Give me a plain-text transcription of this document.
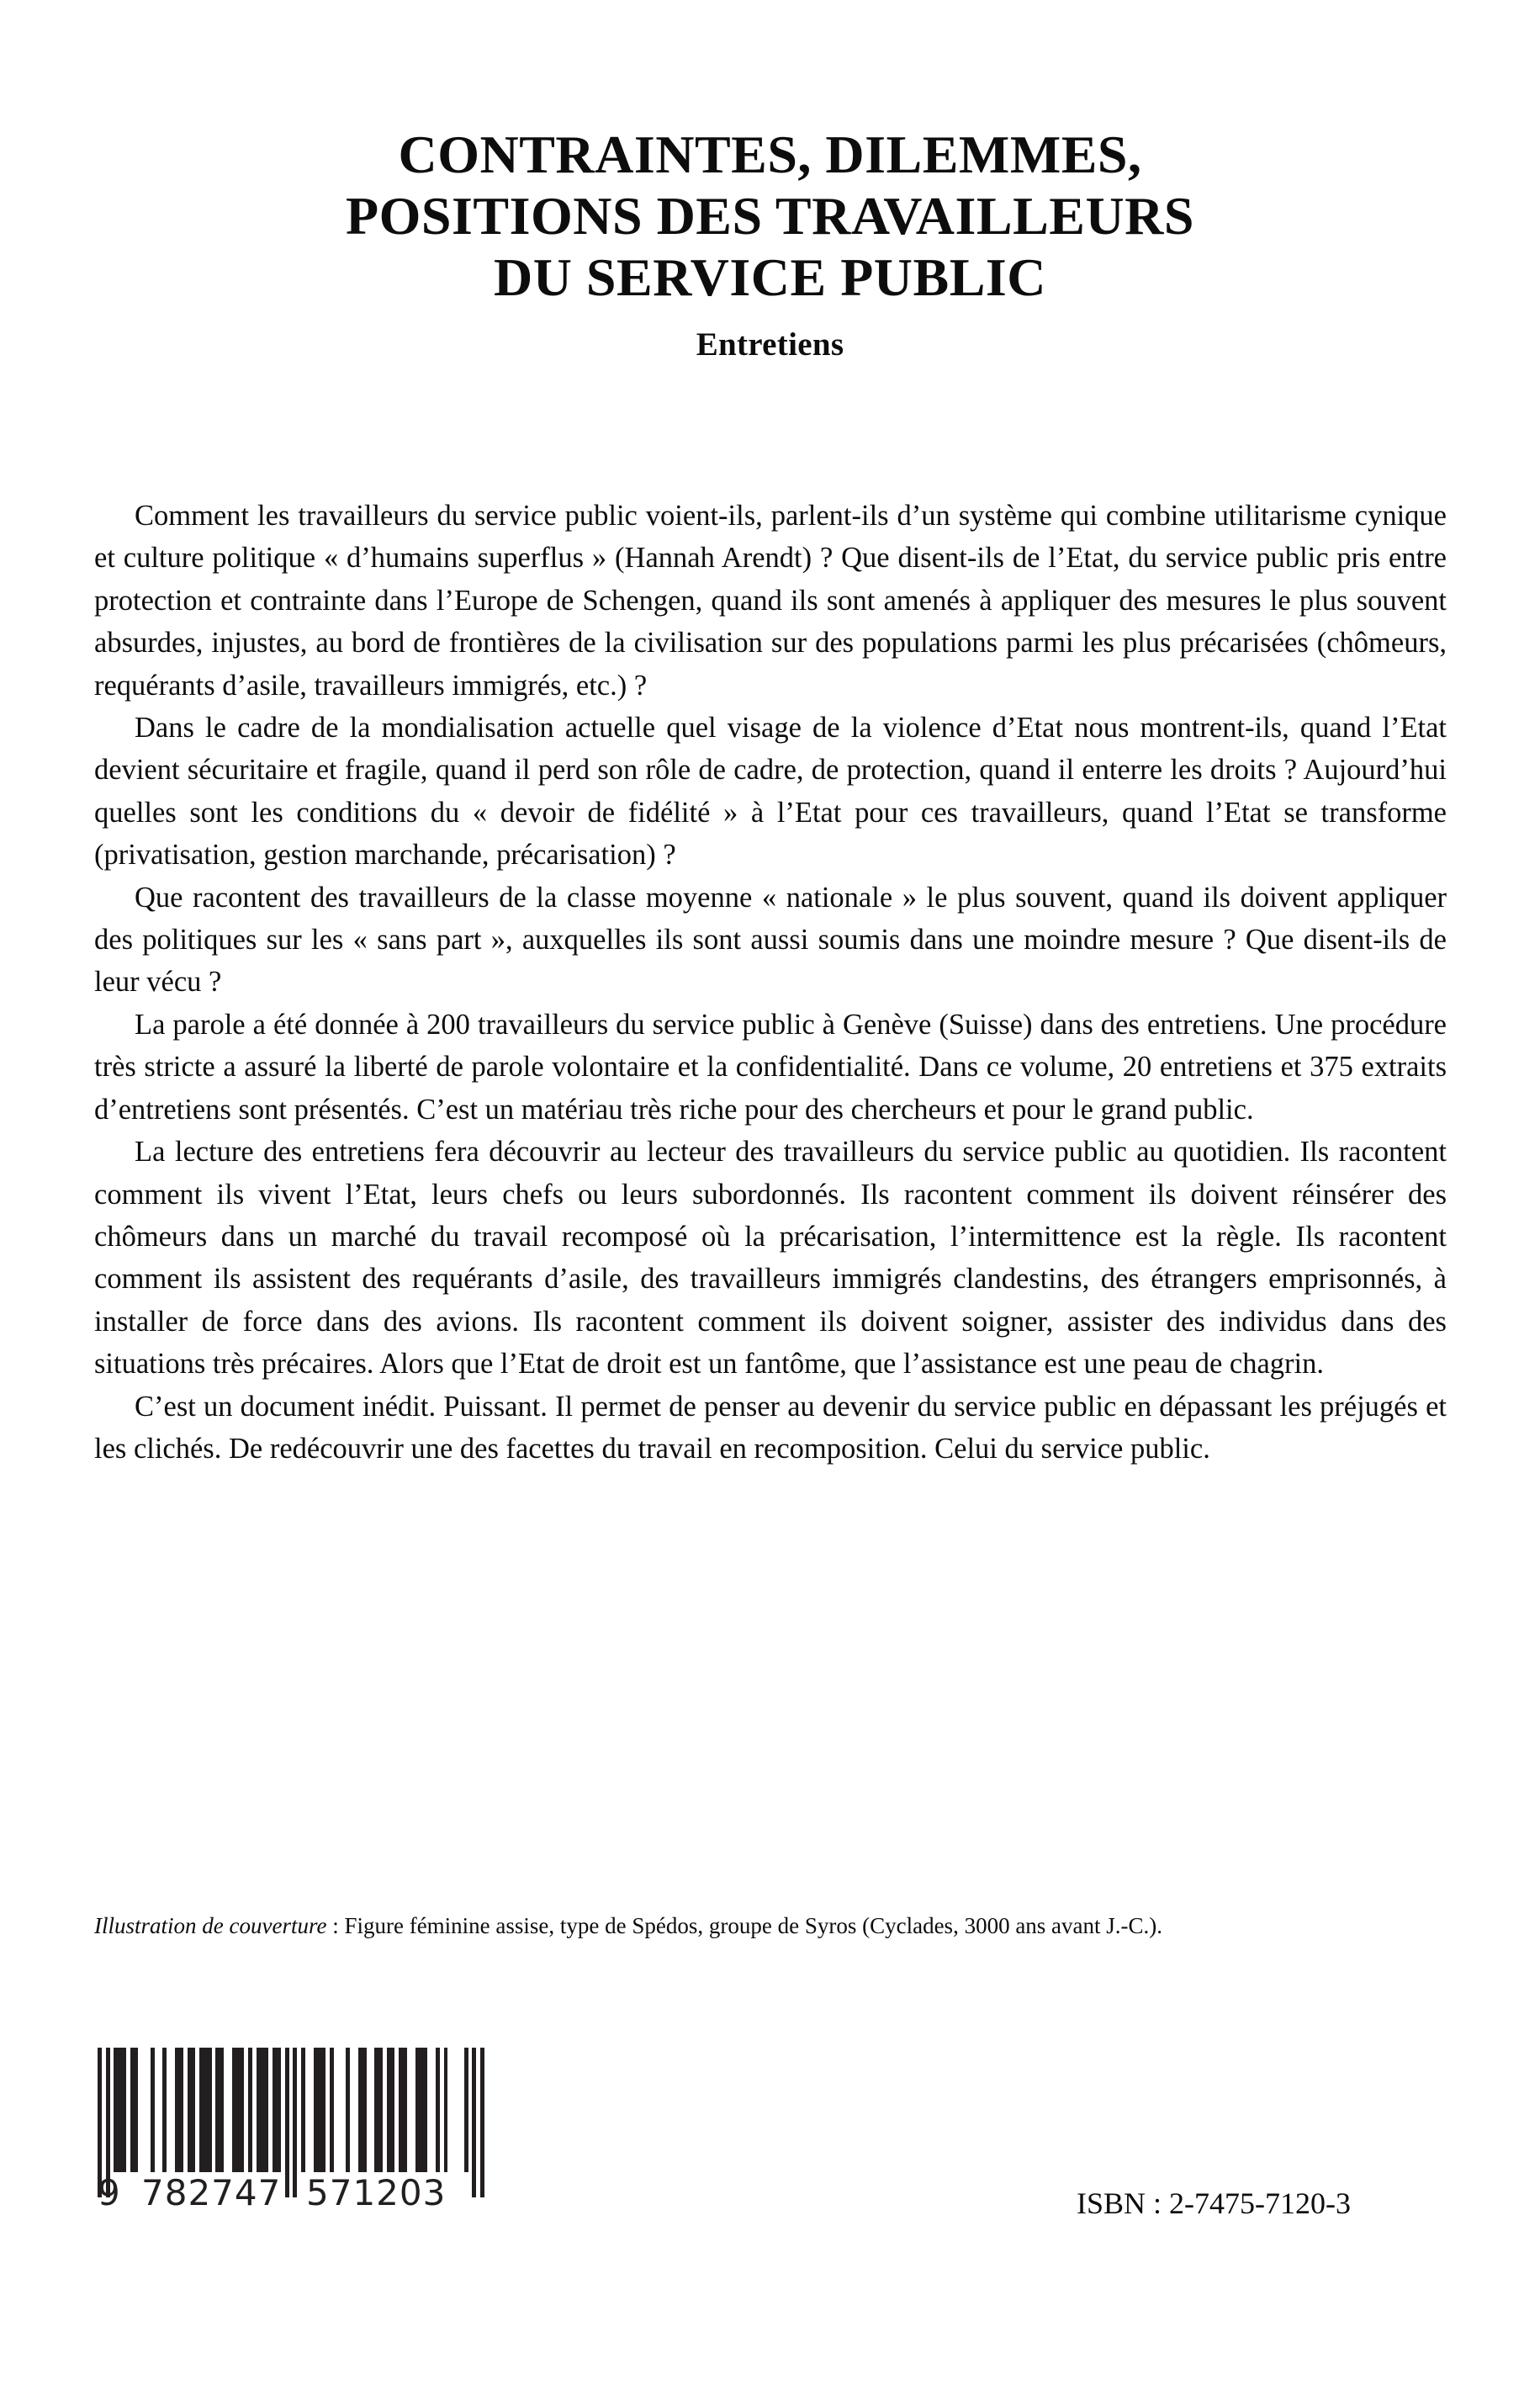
CONTRAINTES, DILEMMES,
POSITIONS DES TRAVAILLEURS
DU SERVICE PUBLIC
Entretiens

Comment les travailleurs du service public voient-ils, parlent-ils d’un système qui combine utilitarisme cynique et culture politique « d’humains superflus » (Hannah Arendt) ? Que disent-ils de l’Etat, du service public pris entre protection et contrainte dans l’Europe de Schengen, quand ils sont amenés à appliquer des mesures le plus souvent absurdes, injustes, au bord de frontières de la civilisation sur des populations parmi les plus précarisées (chômeurs, requérants d’asile, travailleurs immigrés, etc.) ?

Dans le cadre de la mondialisation actuelle quel visage de la violence d’Etat nous montrent-ils, quand l’Etat devient sécuritaire et fragile, quand il perd son rôle de cadre, de protection, quand il enterre les droits ? Aujourd’hui quelles sont les conditions du « devoir de fidélité » à l’Etat pour ces travailleurs, quand l’Etat se transforme (privatisation, gestion marchande, précarisation) ?

Que racontent des travailleurs de la classe moyenne « nationale » le plus souvent, quand ils doivent appliquer des politiques sur les « sans part », auxquelles ils sont aussi soumis dans une moindre mesure ? Que disent-ils de leur vécu ?

La parole a été donnée à 200 travailleurs du service public à Genève (Suisse) dans des entretiens. Une procédure très stricte a assuré la liberté de parole volontaire et la confidentialité. Dans ce volume, 20 entretiens et 375 extraits d’entretiens sont présentés. C’est un matériau très riche pour des chercheurs et pour le grand public.

La lecture des entretiens fera découvrir au lecteur des travailleurs du service public au quotidien. Ils racontent comment ils vivent l’Etat, leurs chefs ou leurs subordonnés. Ils racontent comment ils doivent réinsérer des chômeurs dans un marché du travail recomposé où la précarisation, l’intermittence est la règle. Ils racontent comment ils assistent des requérants d’asile, des travailleurs immigrés clandestins, des étrangers emprisonnés, à installer de force dans des avions. Ils racontent comment ils doivent soigner, assister des individus dans des situations très précaires. Alors que l’Etat de droit est un fantôme, que l’assistance est une peau de chagrin.

C’est un document inédit. Puissant. Il permet de penser au devenir du service public en dépassant les préjugés et les clichés. De redécouvrir une des facettes du travail en recomposition. Celui du service public.

Illustration de couverture : Figure féminine assise, type de Spédos, groupe de Syros (Cyclades, 3000 ans avant J.-C.).
9 782747 571203	ISBN : 2-7475-7120-3
